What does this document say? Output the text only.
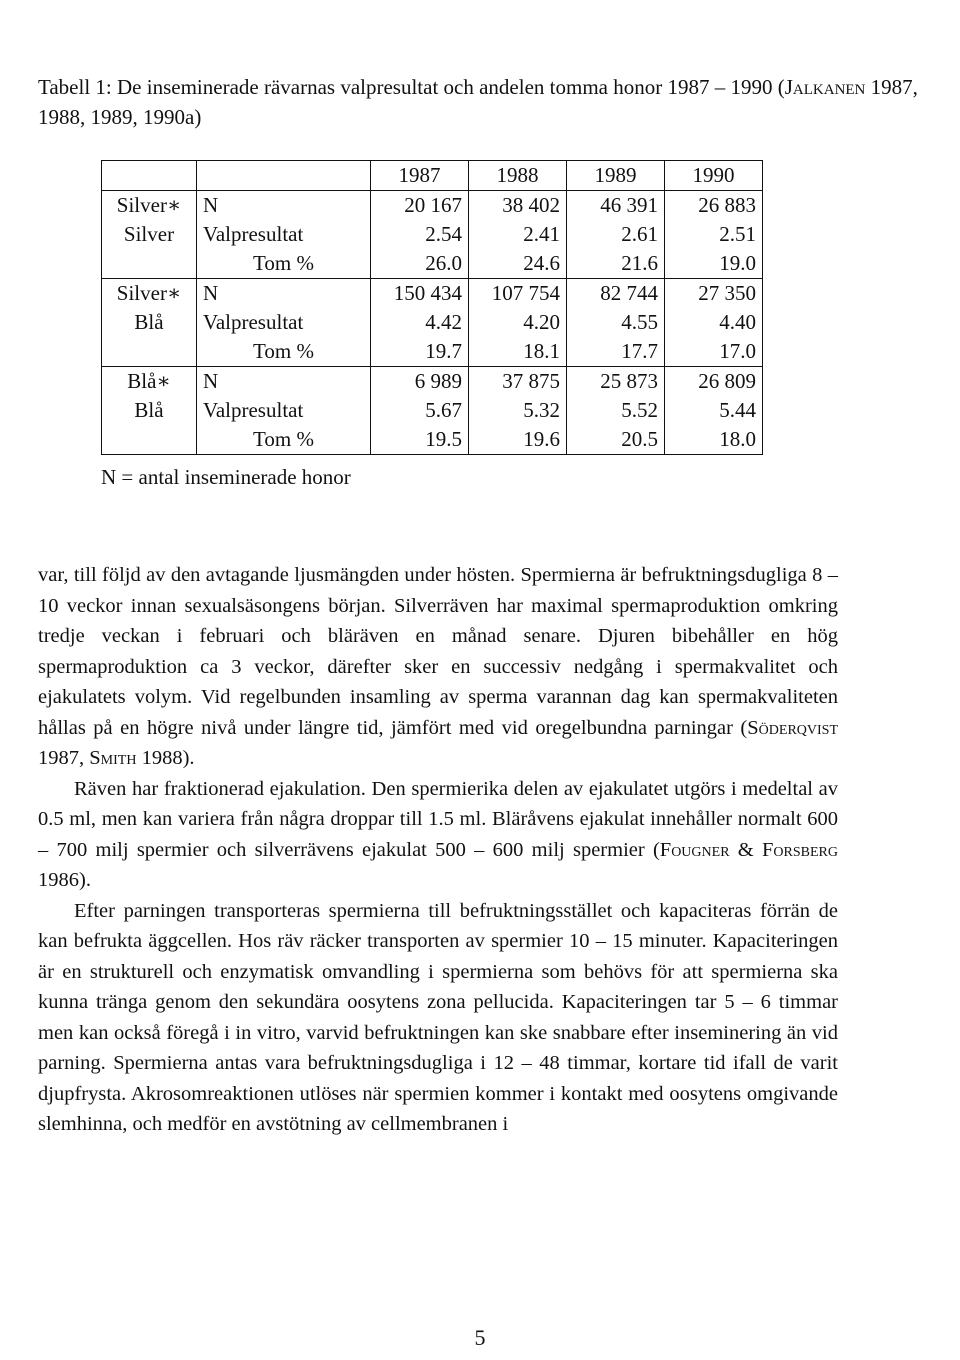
Tabell 1: De inseminerade rävarnas valpresultat och andelen tomma honor 1987 – 1990 (Jalkanen 1987, 1988, 1989, 1990a)
		1987	1988	1989	1990
Silver∗	N	20 167	38 402	46 391	26 883
Silver	Valpresultat	2.54	2.41	2.61	2.51
	Tom %	26.0	24.6	21.6	19.0
Silver∗	N	150 434	107 754	82 744	27 350
Blå	Valpresultat	4.42	4.20	4.55	4.40
	Tom %	19.7	18.1	17.7	17.0
Blå∗	N	6 989	37 875	25 873	26 809
Blå	Valpresultat	5.67	5.32	5.52	5.44
	Tom %	19.5	19.6	20.5	18.0
N = antal inseminerade honor

var, till följd av den avtagande ljusmängden under hösten. Spermierna är befruktningsdugliga 8 – 10 veckor innan sexualsäsongens början. Silverräven har maximal spermaproduktion omkring tredje veckan i februari och bläräven en månad senare. Djuren bibehåller en hög spermaproduktion ca 3 veckor, därefter sker en successiv nedgång i spermakvalitet och ejakulatets volym. Vid regelbunden insamling av sperma varannan dag kan spermakvaliteten hållas på en högre nivå under längre tid, jämfört med vid oregelbundna parningar (Söderqvist 1987, Smith 1988).

Räven har fraktionerad ejakulation. Den spermierika delen av ejakulatet utgörs i medeltal av 0.5 ml, men kan variera från några droppar till 1.5 ml. Bläråvens ejakulat innehåller normalt 600 – 700 milj spermier och silverrävens ejakulat 500 – 600 milj spermier (Fougner & Forsberg 1986).

Efter parningen transporteras spermierna till befruktningsstället och kapaciteras förrän de kan befrukta äggcellen. Hos räv räcker transporten av spermier 10 – 15 minuter. Kapaciteringen är en strukturell och enzymatisk omvandling i spermierna som behövs för att spermierna ska kunna tränga genom den sekundära oosytens zona pellucida. Kapaciteringen tar 5 – 6 timmar men kan också föregå i in vitro, varvid befruktningen kan ske snabbare efter inseminering än vid parning. Spermierna antas vara befruktningsdugliga i 12 – 48 timmar, kortare tid ifall de varit djupfrysta. Akrosomreaktionen utlöses när spermien kommer i kontakt med oosytens omgivande slemhinna, och medför en avstötning av cellmembranen i

5
